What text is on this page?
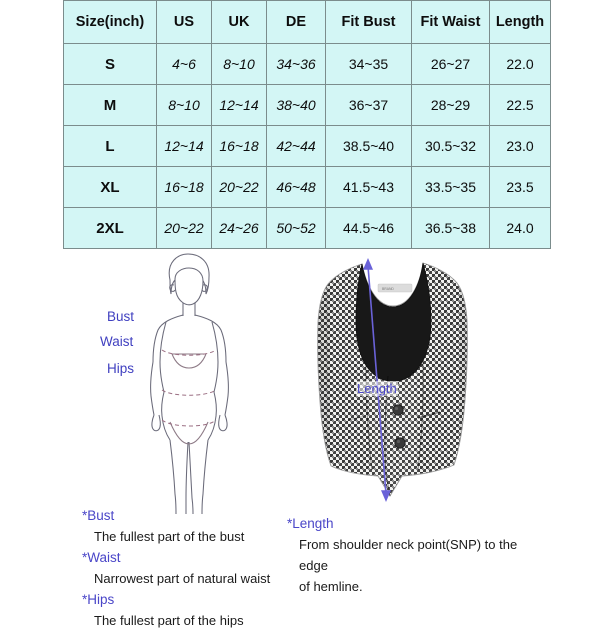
Size(inch)	US	UK	DE	Fit Bust	Fit Waist	Length
S	4~6	8~10	34~36	34~35	26~27	22.0
M	8~10	12~14	38~40	36~37	28~29	22.5
L	12~14	16~18	42~44	38.5~40	30.5~32	23.0
XL	16~18	20~22	46~48	41.5~43	33.5~35	23.5
2XL	20~22	24~26	50~52	44.5~46	36.5~38	24.0
BRAND
Bust
Waist
Hips
Length

*Bust

The fullest part of the bust

*Waist

Narrowest part of natural waist

*Hips

The fullest part of the hips

*Length

From shoulder neck point(SNP) to the edge

of hemline.
